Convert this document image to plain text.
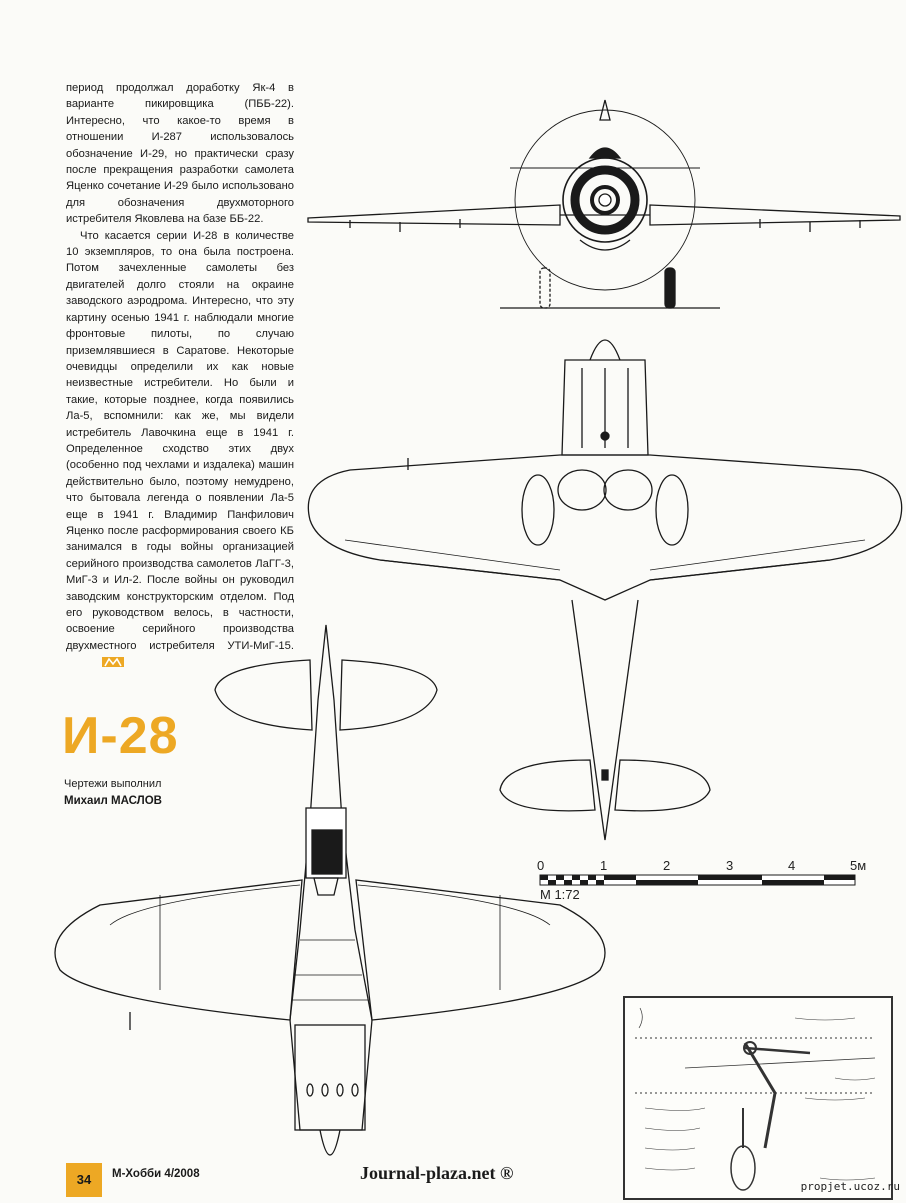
период продолжал доработку Як-4 в варианте пикировщика (ПББ-22). Интересно, что какое-то время в отношении И-287 использовалось обозначение И-29, но практически сразу после прекращения разработки самолета Яценко сочетание И-29 было использовано для обозначения двухмоторного истребителя Яковлева на базе ББ-22.

Что касается серии И-28 в количестве 10 экземпляров, то она была построена. Потом зачехленные самолеты без двигателей долго стояли на окраине заводского аэродрома. Интересно, что эту картину осенью 1941 г. наблюдали многие фронтовые пилоты, по случаю приземлявшиеся в Саратове. Некоторые очевидцы определили их как новые неизвестные истребители. Но были и такие, которые позднее, когда появились Ла-5, вспомнили: как же, мы видели истребитель Лавочкина еще в 1941 г. Определенное сходство этих двух (особенно под чехлами и издалека) машин действительно было, поэтому немудрено, что бытовала легенда о появлении Ла-5 еще в 1941 г. Владимир Панфилович Яценко после расформирования своего КБ занимался в годы войны организацией серийного производства самолетов ЛаГГ-3, МиГ-3 и Ил-2. После войны он руководил заводским конструкторским отделом. Под его руководством велось, в частности, освоение серийного производства двухместного истребителя УТИ-МиГ-15.

И-28
Чертежи выполнил
Михаил МАСЛОВ
0	1	2	3	4	5м
М 1:72
34	М-Хобби 4/2008	Journal-plaza.net ®
propjet.ucoz.ru
